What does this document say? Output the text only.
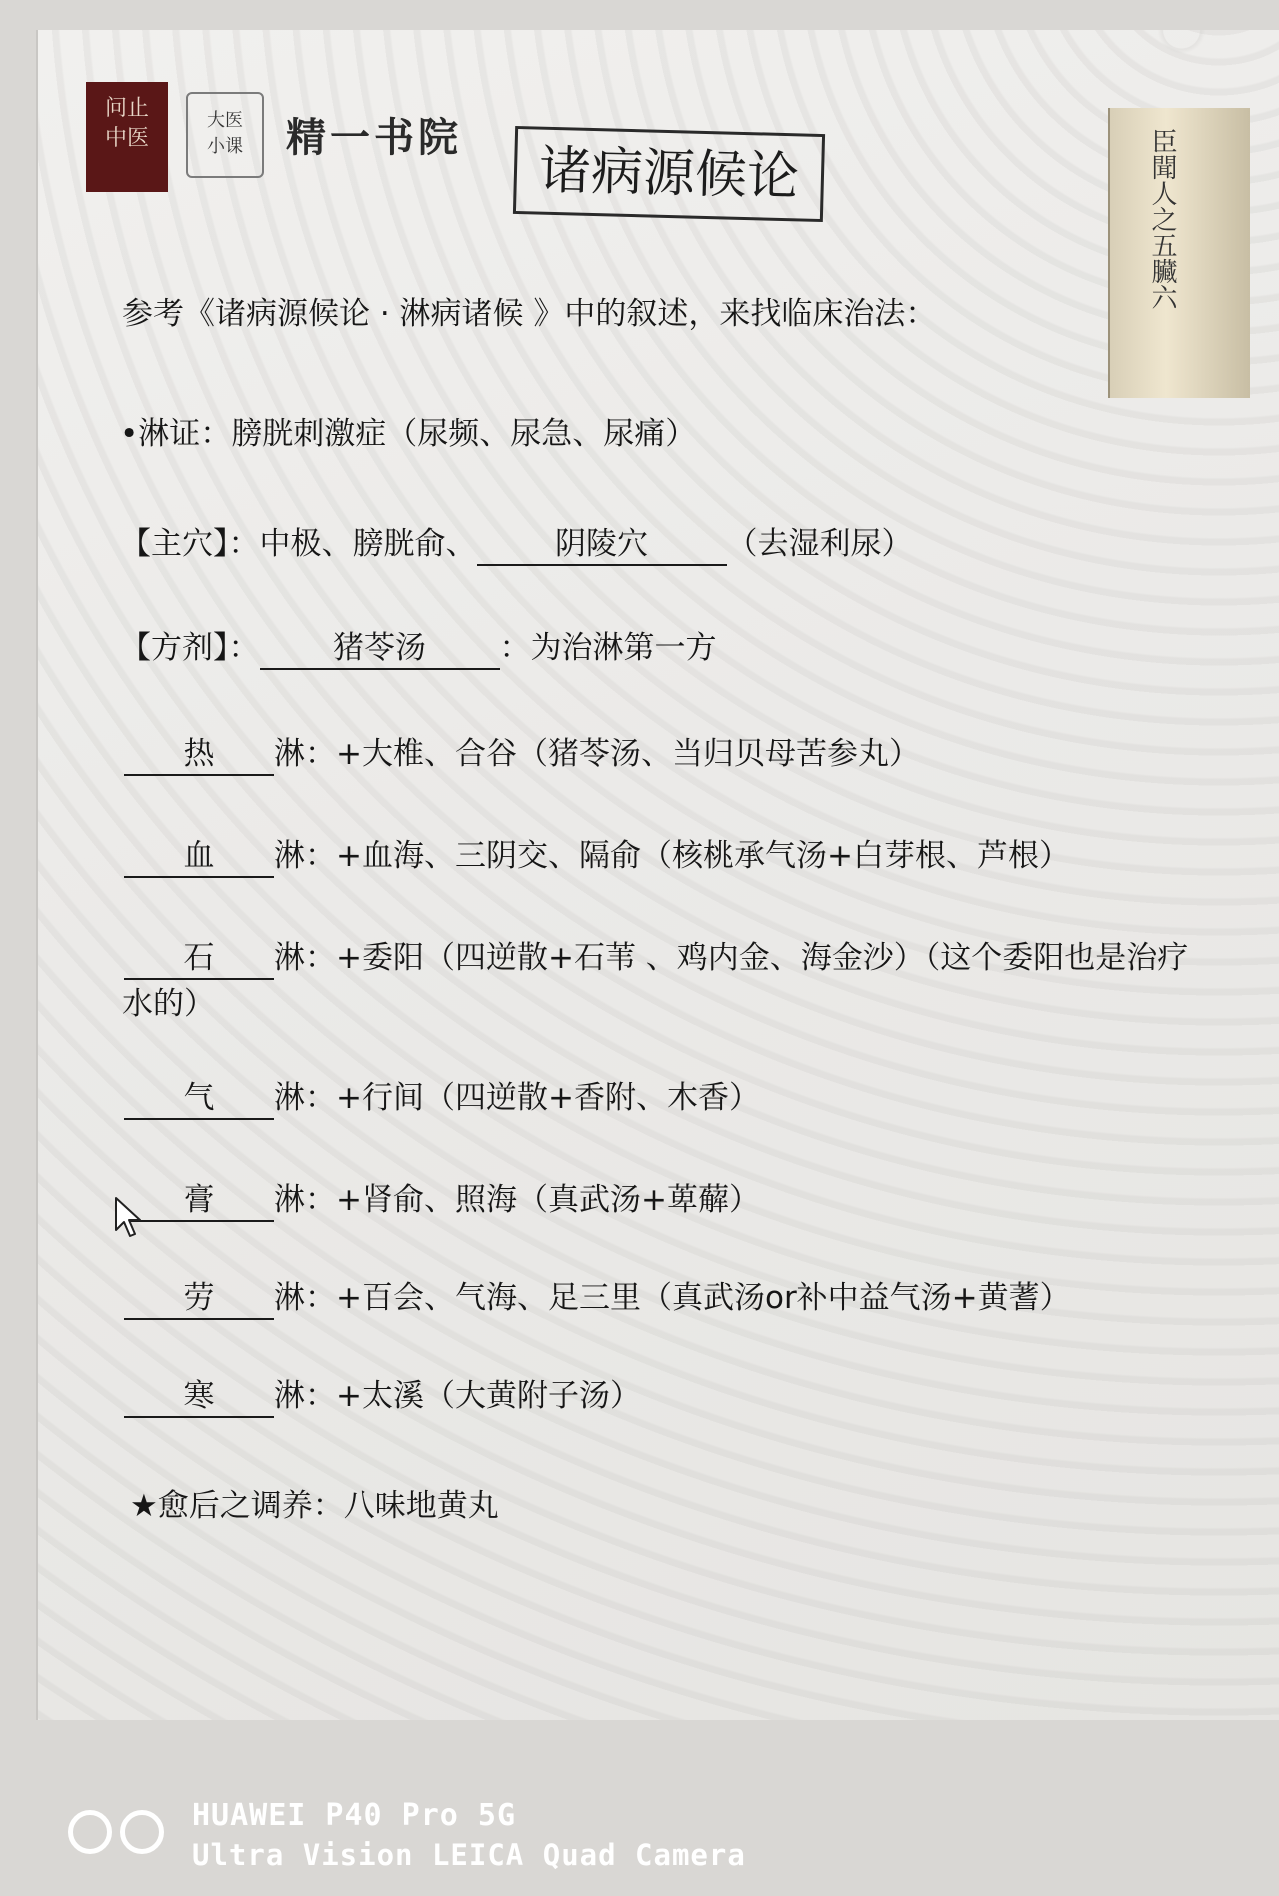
问止
中医
大医
小课	精一书院
诸病源候论	臣聞人之五臟六
参考《诸病源候论 · 淋病诸候 》中的叙述，来找临床治法：
•淋证：膀胱刺激症（尿频、尿急、尿痛）
【主穴】：中极、膀胱俞、	阴陵穴	（去湿利尿）
【方剂】： 猪苓汤 ：为治淋第一方
热 淋：+大椎、合谷（猪苓汤、当归贝母苦参丸）
血 淋：+血海、三阴交、隔俞（核桃承气汤+白芽根、芦根）
石 淋：+委阳（四逆散+石苇 、鸡内金、海金沙）（这个委阳也是治疗
水的）
气 淋：+行间（四逆散+香附、木香）
膏 淋：+肾俞、照海（真武汤+萆薢）
劳 淋：+百会、气海、足三里（真武汤or补中益气汤+黄蓍）
寒 淋：+太溪（大黄附子汤）
★愈后之调养：八味地黄丸
HUAWEI P40 Pro 5G
Ultra Vision LEICA Quad Camera
